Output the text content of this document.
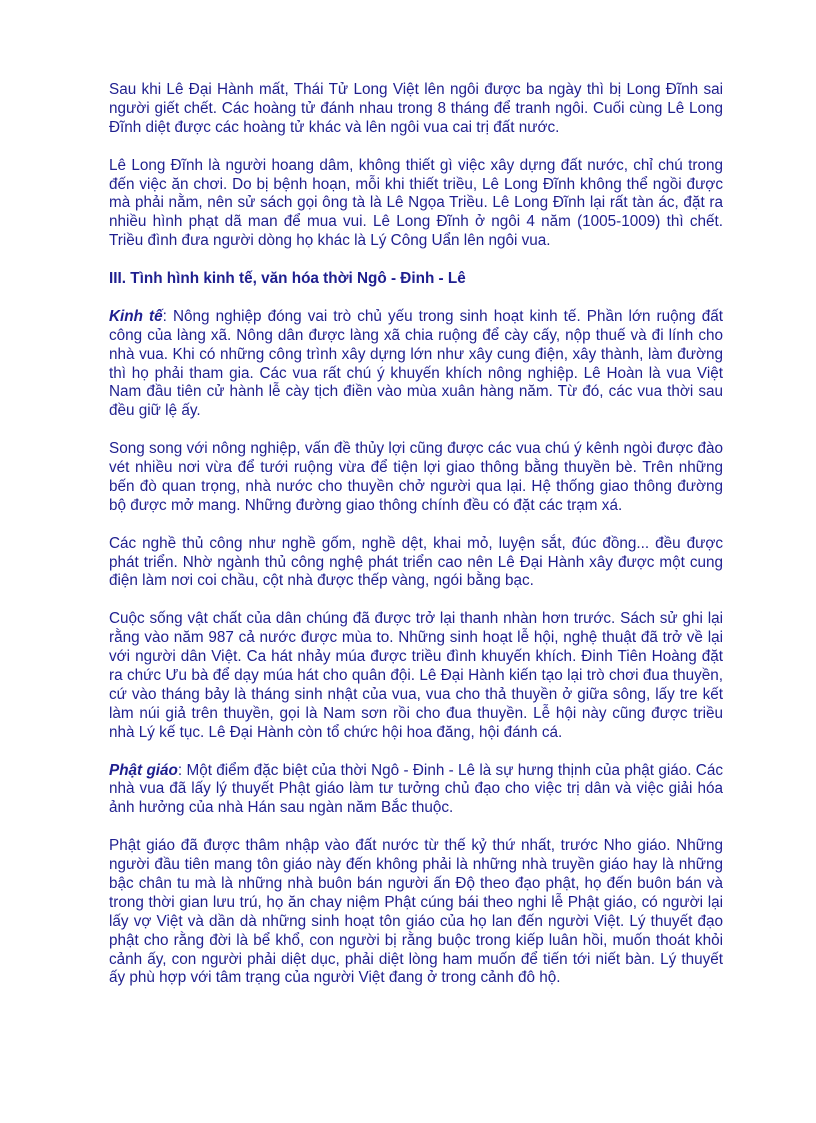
Sau khi Lê Đại Hành mất, Thái Tử Long Việt lên ngôi được ba ngày thì bị Long Đĩnh sai người giết chết. Các hoàng tử đánh nhau trong 8 tháng để tranh ngôi. Cuối cùng Lê Long Đĩnh diệt được các hoàng tử khác và lên ngôi vua cai trị đất nước.

Lê Long Đĩnh là người hoang dâm, không thiết gì việc xây dựng đất nước, chỉ chú trong đến việc ăn chơi. Do bị bệnh hoạn, mỗi khi thiết triều, Lê Long Đĩnh không thể ngồi được mà phải nằm, nên sử sách gọi ông tà là Lê Ngọa Triều. Lê Long Đĩnh lại rất tàn ác, đặt ra nhiều hình phạt dã man để mua vui. Lê Long Đĩnh ở ngôi 4 năm (1005-1009) thì chết. Triều đình đưa người dòng họ khác là Lý Công Uẩn lên ngôi vua.

III. Tình hình kinh tế, văn hóa thời Ngô - Đinh - Lê

Kinh tế: Nông nghiệp đóng vai trò chủ yếu trong sinh hoạt kinh tế. Phần lớn ruộng đất công của làng xã. Nông dân được làng xã chia ruộng để cày cấy, nộp thuế và đi lính cho nhà vua. Khi có những công trình xây dựng lớn như xây cung điện, xây thành, làm đường thì họ phải tham gia. Các vua rất chú ý khuyến khích nông nghiệp. Lê Hoàn là vua Việt Nam đầu tiên cử hành lễ cày tịch điền vào mùa xuân hàng năm. Từ đó, các vua thời sau đều giữ lệ ấy.

Song song với nông nghiệp, vấn đề thủy lợi cũng được các vua chú ý kênh ngòi được đào vét nhiều nơi vừa để tưới ruộng vừa để tiện lợi giao thông bằng thuyền bè. Trên những bến đò quan trọng, nhà nước cho thuyền chở người qua lại. Hệ thống giao thông đường bộ được mở mang. Những đường giao thông chính đều có đặt các trạm xá.

Các nghề thủ công như nghề gốm, nghề dệt, khai mỏ, luyện sắt, đúc đồng... đều được phát triển. Nhờ ngành thủ công nghệ phát triển cao nên Lê Đại Hành xây được một cung điện làm nơi coi chầu, cột nhà được thếp vàng, ngói bằng bạc.

Cuộc sống vật chất của dân chúng đã được trở lại thanh nhàn hơn trước. Sách sử ghi lại rằng vào năm 987 cả nước được mùa to. Những sinh hoạt lễ hội, nghệ thuật đã trở về lại với người dân Việt. Ca hát nhảy múa được triều đình khuyến khích. Đinh Tiên Hoàng đặt ra chức Ưu bà để dạy múa hát cho quân đội. Lê Đại Hành kiến tạo lại trò chơi đua thuyền, cứ vào tháng bảy là tháng sinh nhật của vua, vua cho thả thuyền ở giữa sông, lấy tre kết làm núi giả trên thuyền, gọi là Nam sơn rồi cho đua thuyền. Lễ hội này cũng được triều nhà Lý kế tục. Lê Đại Hành còn tổ chức hội hoa đăng, hội đánh cá.

Phật giáo: Một điểm đặc biệt của thời Ngô - Đinh - Lê là sự hưng thịnh của phật giáo. Các nhà vua đã lấy lý thuyết Phật giáo làm tư tưởng chủ đạo cho việc trị dân và việc giải hóa ảnh hưởng của nhà Hán sau ngàn năm Bắc thuộc.

Phật giáo đã được thâm nhập vào đất nước từ thế kỷ thứ nhất, trước Nho giáo. Những người đầu tiên mang tôn giáo này đến không phải là những nhà truyền giáo hay là những bậc chân tu mà là những nhà buôn bán người ấn Độ theo đạo phật, họ đến buôn bán và trong thời gian lưu trú, họ ăn chay niệm Phật cúng bái theo nghi lễ Phật giáo, có người lại lấy vợ Việt và dần dà những sinh hoạt tôn giáo của họ lan đến người Việt. Lý thuyết đạo phật cho rằng đời là bể khổ, con người bị rằng buộc trong kiếp luân hồi, muốn thoát khỏi cảnh ấy, con người phải diệt dục, phải diệt lòng ham muốn để tiến tới niết bàn. Lý thuyết ấy phù hợp với tâm trạng của người Việt đang ở trong cảnh đô hộ.
